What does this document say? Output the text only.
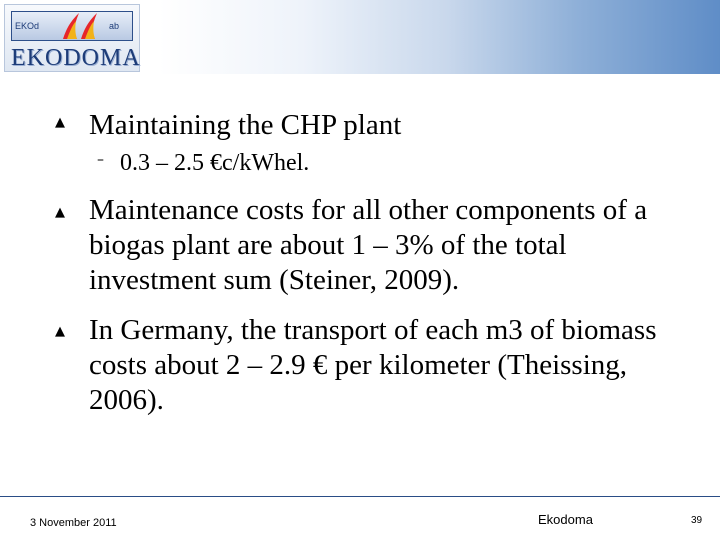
EKOd	ab
EKODOMA
▲ Maintaining the CHP plant
– 0.3 – 2.5 €c/kWhel.
▲ Maintenance costs for all other components of a biogas plant are about 1 – 3% of the total investment sum (Steiner, 2009).
▲ In Germany, the transport of each m3 of biomass costs about 2 – 2.9 € per kilometer (Theissing, 2006).
3 November 2011	Ekodoma	39
